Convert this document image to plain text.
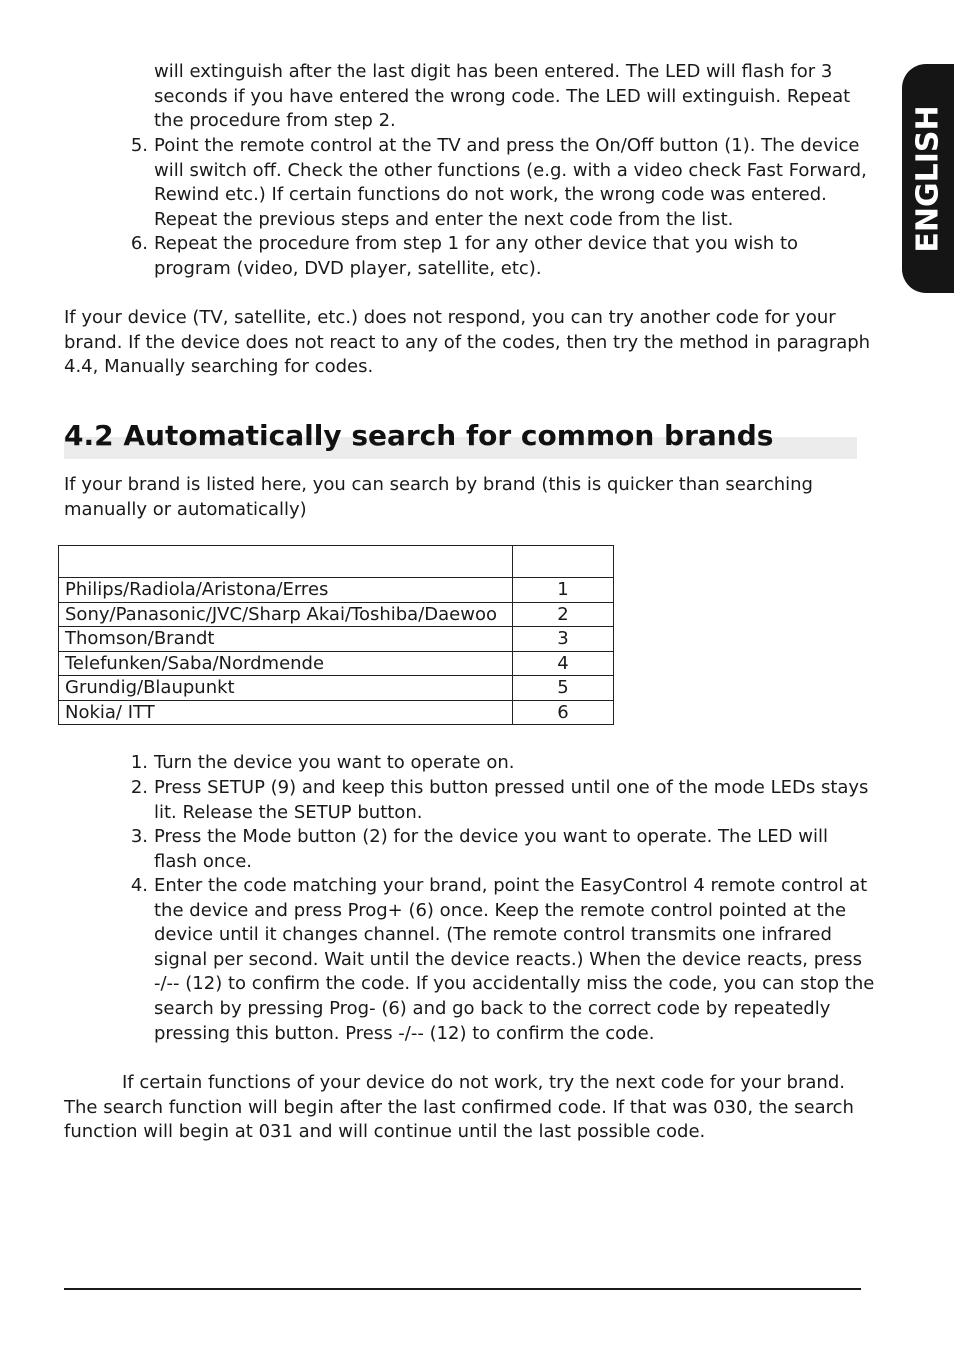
ENGLISH
will extinguish after the last digit has been entered. The LED will flash for 3
seconds if you have entered the wrong code. The LED will extinguish. Repeat
the procedure from step 2.
5. Point the remote control at the TV and press the On/Off button (1). The device
will switch off. Check the other functions (e.g. with a video check Fast Forward,
Rewind etc.) If certain functions do not work, the wrong code was entered.
Repeat the previous steps and enter the next code from the list.
6. Repeat the procedure from step 1 for any other device that you wish to
program (video, DVD player, satellite, etc).
If your device (TV, satellite, etc.) does not respond, you can try another code for your
brand. If the device does not react to any of the codes, then try the method in paragraph
4.4, Manually searching for codes.
4.2 Automatically search for common brands
If your brand is listed here, you can search by brand (this is quicker than searching
manually or automatically)

Philips/Radiola/Aristona/Erres	1
Sony/Panasonic/JVC/Sharp Akai/Toshiba/Daewoo	2
Thomson/Brandt	3
Telefunken/Saba/Nordmende	4
Grundig/Blaupunkt	5
Nokia/ ITT	6
1. Turn the device you want to operate on.
2. Press SETUP (9) and keep this button pressed until one of the mode LEDs stays
lit. Release the SETUP button.
3. Press the Mode button (2) for the device you want to operate. The LED will
flash once.
4. Enter the code matching your brand, point the EasyControl 4 remote control at
the device and press Prog+ (6) once. Keep the remote control pointed at the
device until it changes channel. (The remote control transmits one infrared
signal per second. Wait until the device reacts.) When the device reacts, press
-/-- (12) to confirm the code. If you accidentally miss the code, you can stop the
search by pressing Prog- (6) and go back to the correct code by repeatedly
pressing this button. Press -/-- (12) to confirm the code.
If certain functions of your device do not work, try the next code for your brand.
The search function will begin after the last confirmed code. If that was 030, the search
function will begin at 031 and will continue until the last possible code.
